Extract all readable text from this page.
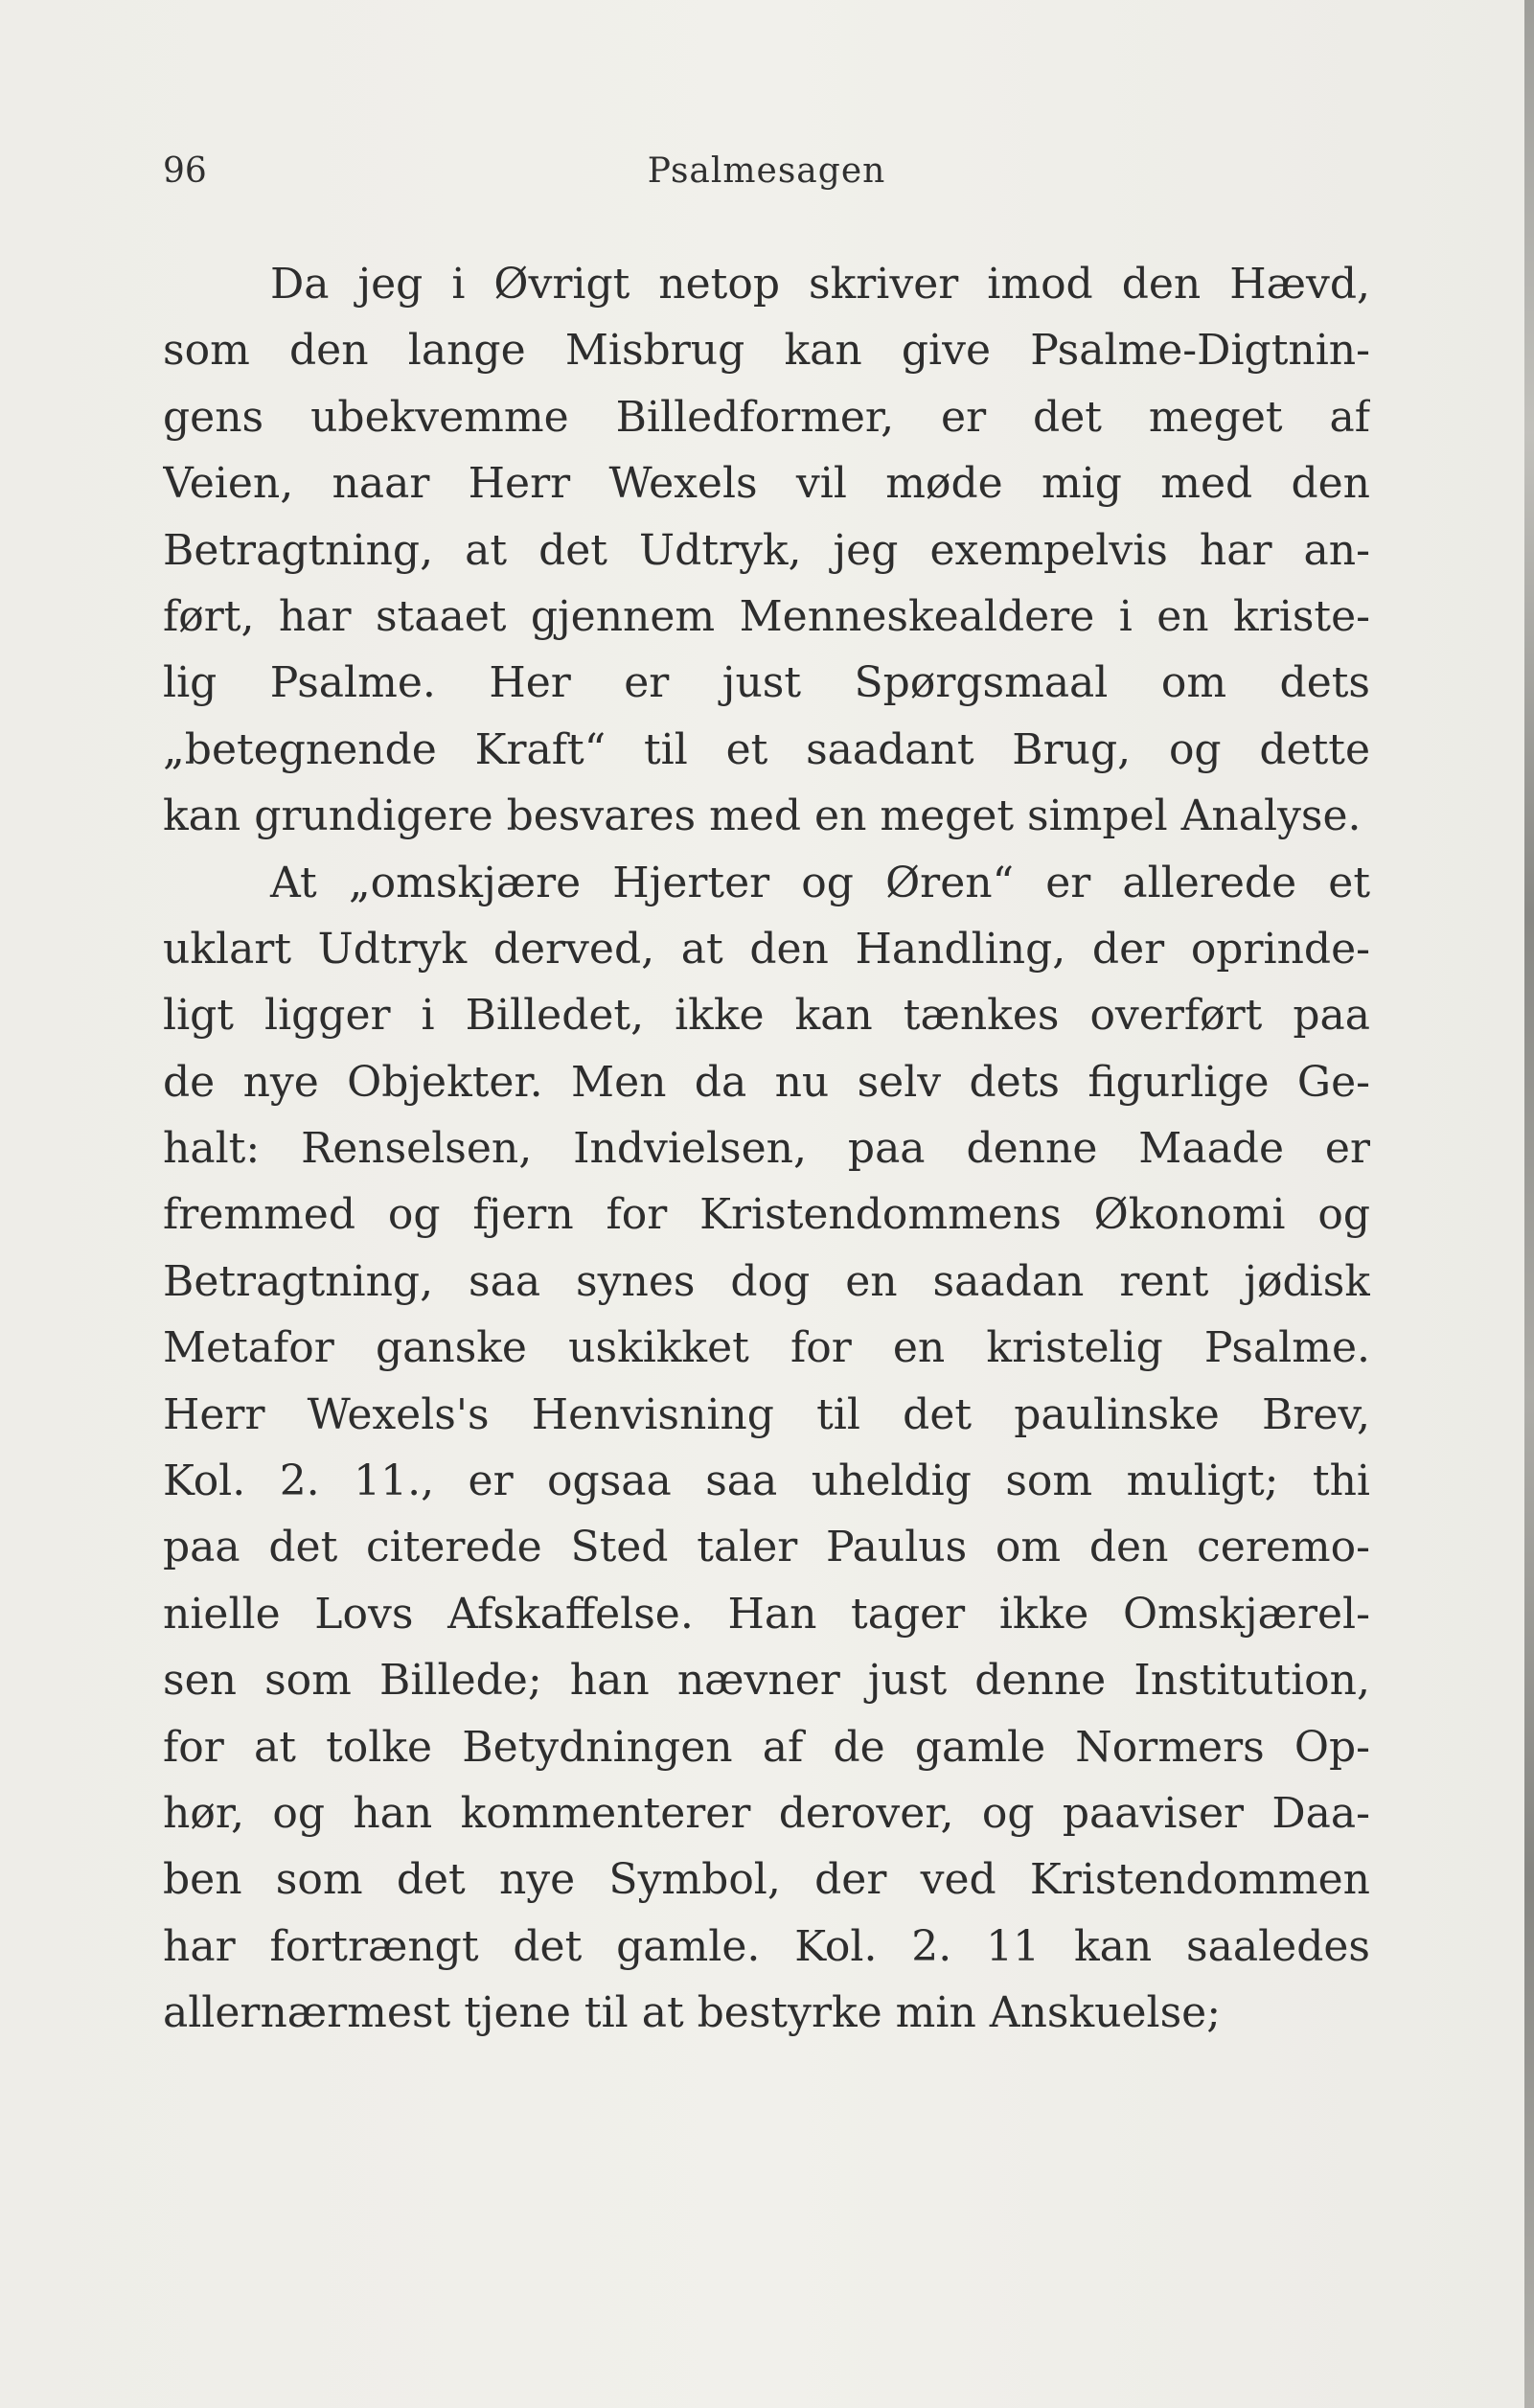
96	Psalmesagen
Da jeg i Øvrigt netop skriver imod den Hævd,
som den lange Misbrug kan give Psalme-Digtnin-
gens ubekvemme Billedformer, er det meget af
Veien, naar Herr Wexels vil møde mig med den
Betragtning, at det Udtryk, jeg exempelvis har an-
ført, har staaet gjennem Menneskealdere i en kriste-
lig Psalme. Her er just Spørgsmaal om dets
„betegnende Kraft“ til et saadant Brug, og dette
kan grundigere besvares med en meget simpel Analyse.
At „omskjære Hjerter og Øren“ er allerede et
uklart Udtryk derved, at den Handling, der oprinde-
ligt ligger i Billedet, ikke kan tænkes overført paa
de nye Objekter. Men da nu selv dets figurlige Ge-
halt: Renselsen, Indvielsen, paa denne Maade er
fremmed og fjern for Kristendommens Økonomi og
Betragtning, saa synes dog en saadan rent jødisk
Metafor ganske uskikket for en kristelig Psalme.
Herr Wexels's Henvisning til det paulinske Brev,
Kol. 2. 11., er ogsaa saa uheldig som muligt; thi
paa det citerede Sted taler Paulus om den ceremo-
nielle Lovs Afskaffelse. Han tager ikke Omskjærel-
sen som Billede; han nævner just denne Institution,
for at tolke Betydningen af de gamle Normers Op-
hør, og han kommenterer derover, og paaviser Daa-
ben som det nye Symbol, der ved Kristendommen
har fortrængt det gamle. Kol. 2. 11 kan saaledes
allernærmest tjene til at bestyrke min Anskuelse;
